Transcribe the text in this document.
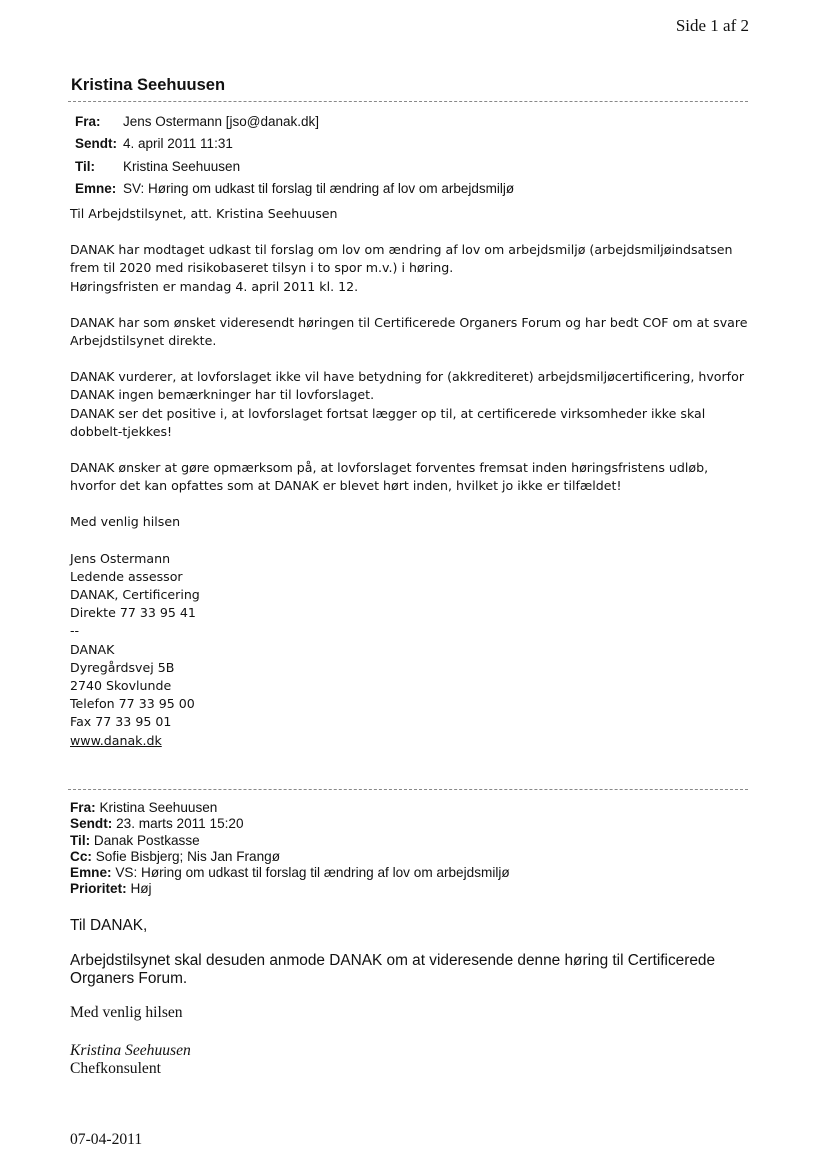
Side 1 af 2
Kristina Seehuusen
Fra: Jens Ostermann [jso@danak.dk]
Sendt: 4. april 2011 11:31
Til: Kristina Seehuusen
Emne: SV: Høring om udkast til forslag til ændring af lov om arbejdsmiljø

Til Arbejdstilsynet, att. Kristina Seehuusen

DANAK har modtaget udkast til forslag om lov om ændring af lov om arbejdsmiljø (arbejdsmiljøindsatsen

frem til 2020 med risikobaseret tilsyn i to spor m.v.) i høring.

Høringsfristen er mandag 4. april 2011 kl. 12.

DANAK har som ønsket videresendt høringen til Certificerede Organers Forum og har bedt COF om at svare

Arbejdstilsynet direkte.

DANAK vurderer, at lovforslaget ikke vil have betydning for (akkrediteret) arbejdsmiljøcertificering, hvorfor

DANAK ingen bemærkninger har til lovforslaget.

DANAK ser det positive i, at lovforslaget fortsat lægger op til, at certificerede virksomheder ikke skal

dobbelt-tjekkes!

DANAK ønsker at gøre opmærksom på, at lovforslaget forventes fremsat inden høringsfristens udløb,

hvorfor det kan opfattes som at DANAK er blevet hørt inden, hvilket jo ikke er tilfældet!

Med venlig hilsen

Jens Ostermann

Ledende assessor

DANAK, Certificering

Direkte 77 33 95 41

--

DANAK

Dyregårdsvej 5B

2740 Skovlunde

Telefon 77 33 95 00

Fax 77 33 95 01

www.danak.dk

Fra: Kristina Seehuusen
Sendt: 23. marts 2011 15:20
Til: Danak Postkasse
Cc: Sofie Bisbjerg; Nis Jan Frangø
Emne: VS: Høring om udkast til forslag til ændring af lov om arbejdsmiljø
Prioritet: Høj
Til DANAK,
Arbejdstilsynet skal desuden anmode DANAK om at videresende denne høring til Certificerede
Organers Forum.
Med venlig hilsen
Kristina Seehuusen
Chefkonsulent
07-04-2011
